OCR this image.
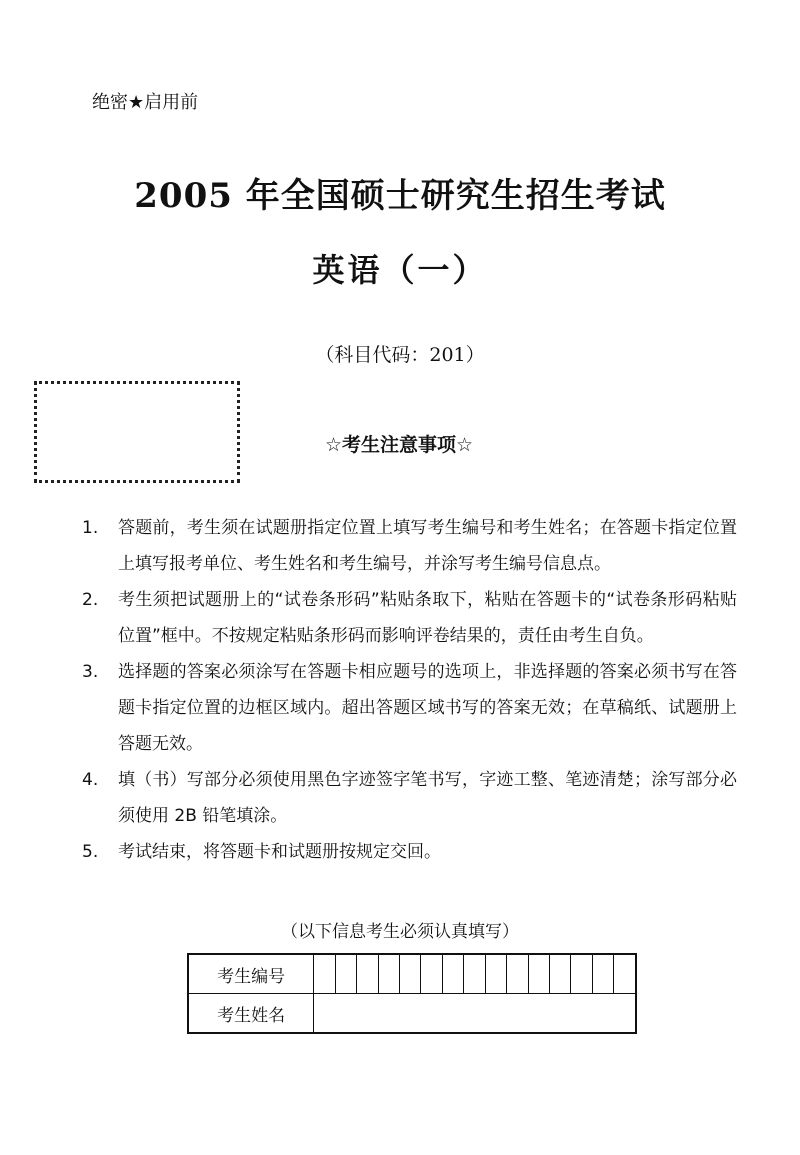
绝密★启用前
2005 年全国硕士研究生招生考试
英语（一）
（科目代码：201）
☆考生注意事项☆
1.	答题前，考生须在试题册指定位置上填写考生编号和考生姓名；在答题卡指定位置上填写报考单位、考生姓名和考生编号，并涂写考生编号信息点。
2.	考生须把试题册上的“试卷条形码”粘贴条取下，粘贴在答题卡的“试卷条形码粘贴位置”框中。不按规定粘贴条形码而影响评卷结果的，责任由考生自负。
3.	选择题的答案必须涂写在答题卡相应题号的选项上，非选择题的答案必须书写在答题卡指定位置的边框区域内。超出答题区域书写的答案无效；在草稿纸、试题册上答题无效。
4.	填（书）写部分必须使用黑色字迹签字笔书写，字迹工整、笔迹清楚；涂写部分必须使用 2B 铅笔填涂。
5.	考试结束，将答题卡和试题册按规定交回。
（以下信息考生必须认真填写）
考生编号															
考生姓名															
